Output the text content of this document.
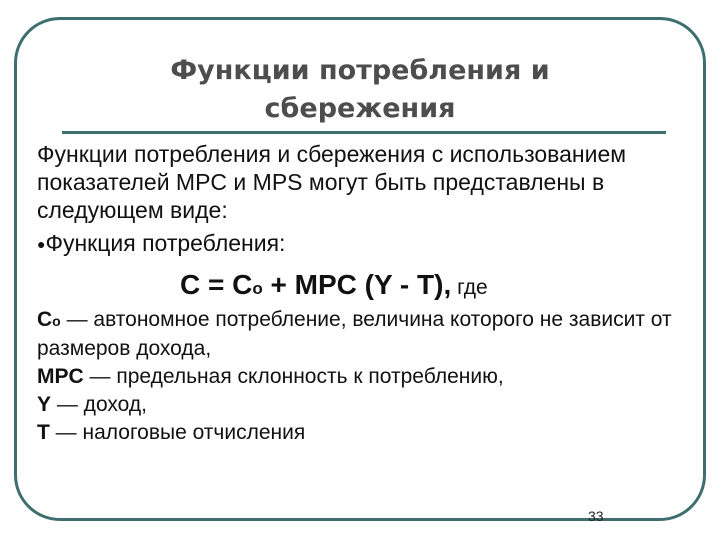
Функции потребления и сбережения

Функции потребления и сбережения с использованием показателей MPC и MPS могут быть представлены в следующем виде:

●Функция потребления:
C = Co + MPC (Y - T), где
Co — автономное потребление, величина которого не зависит от размеров дохода,
MPC — предельная склонность к потреблению,
Y — доход,
T — налоговые отчисления
33
